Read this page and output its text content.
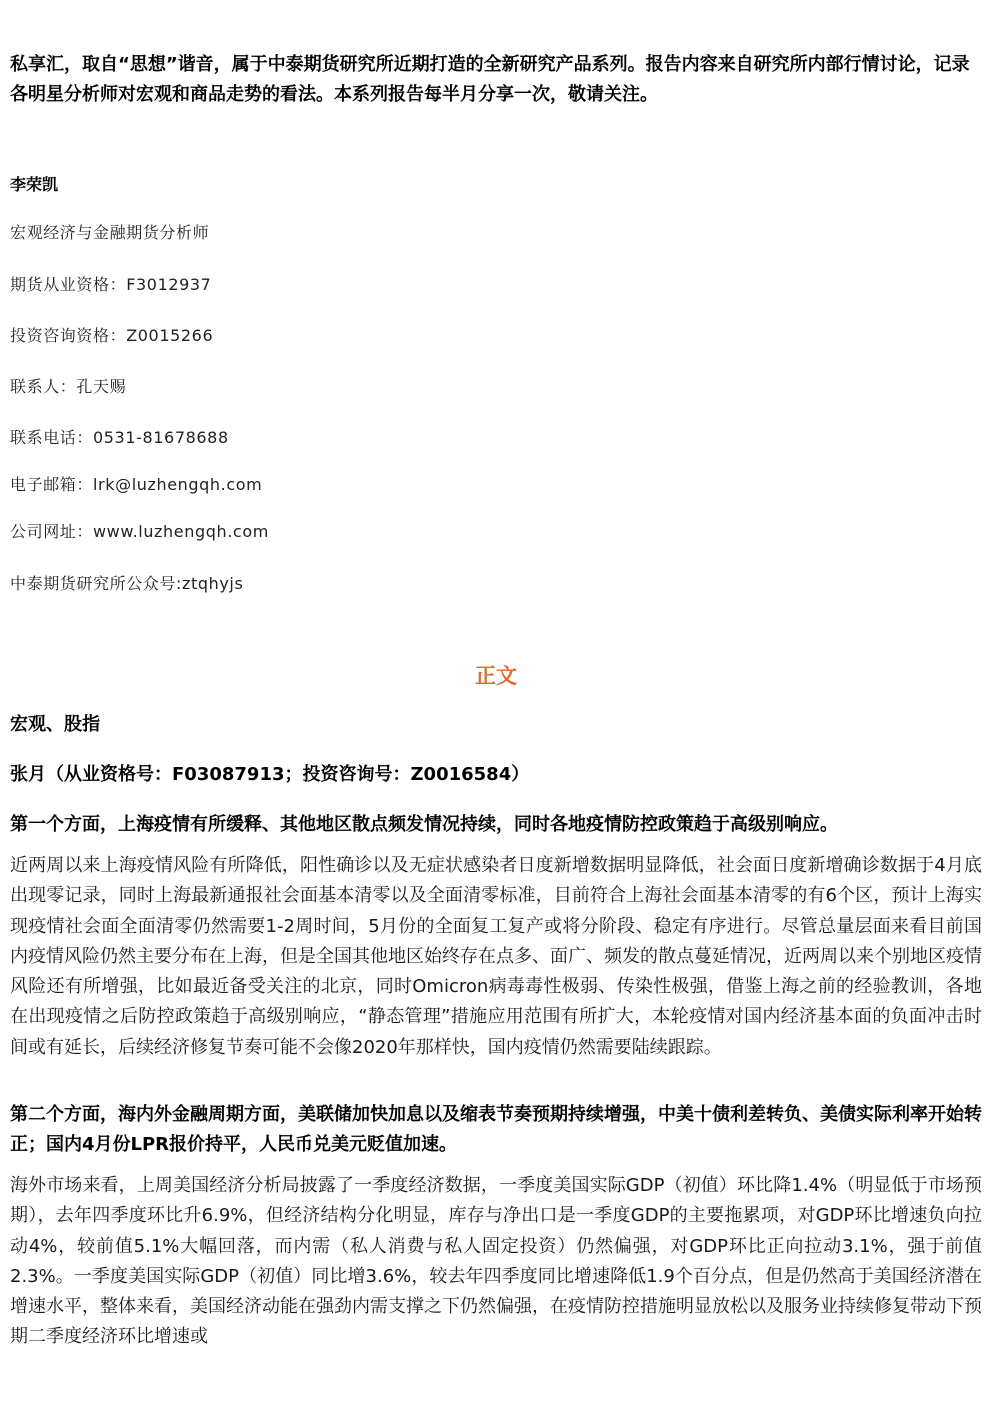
私享汇，取自“思想”谐音，属于中泰期货研究所近期打造的全新研究产品系列。报告内容来自研究所内部行情讨论，记录各明星分析师对宏观和商品走势的看法。本系列报告每半月分享一次，敬请关注。
李荣凯
宏观经济与金融期货分析师
期货从业资格：F3012937
投资咨询资格：Z0015266
联系人：孔天赐
联系电话：0531-81678688
电子邮箱：lrk@luzhengqh.com
公司网址：www.luzhengqh.com
中泰期货研究所公众号:ztqhyjs
正文
宏观、股指
张月（从业资格号：F03087913；投资咨询号：Z0016584）
第一个方面，上海疫情有所缓释、其他地区散点频发情况持续，同时各地疫情防控政策趋于高级别响应。
近两周以来上海疫情风险有所降低，阳性确诊以及无症状感染者日度新增数据明显降低，社会面日度新增确诊数据于4月底出现零记录，同时上海最新通报社会面基本清零以及全面清零标准，目前符合上海社会面基本清零的有6个区，预计上海实现疫情社会面全面清零仍然需要1-2周时间，5月份的全面复工复产或将分阶段、稳定有序进行。尽管总量层面来看目前国内疫情风险仍然主要分布在上海，但是全国其他地区始终存在点多、面广、频发的散点蔓延情况，近两周以来个别地区疫情风险还有所增强，比如最近备受关注的北京，同时Omicron病毒毒性极弱、传染性极强，借鉴上海之前的经验教训，各地在出现疫情之后防控政策趋于高级别响应，“静态管理”措施应用范围有所扩大，本轮疫情对国内经济基本面的负面冲击时间或有延长，后续经济修复节奏可能不会像2020年那样快，国内疫情仍然需要陆续跟踪。
第二个方面，海内外金融周期方面，美联储加快加息以及缩表节奏预期持续增强，中美十债利差转负、美债实际利率开始转正；国内4月份LPR报价持平，人民币兑美元贬值加速。
海外市场来看，上周美国经济分析局披露了一季度经济数据，一季度美国实际GDP（初值）环比降1.4%（明显低于市场预期），去年四季度环比升6.9%，但经济结构分化明显，库存与净出口是一季度GDP的主要拖累项，对GDP环比增速负向拉动4%，较前值5.1%大幅回落，而内需（私人消费与私人固定投资）仍然偏强，对GDP环比正向拉动3.1%，强于前值2.3%。一季度美国实际GDP（初值）同比增3.6%，较去年四季度同比增速降低1.9个百分点，但是仍然高于美国经济潜在增速水平，整体来看，美国经济动能在强劲内需支撑之下仍然偏强，在疫情防控措施明显放松以及服务业持续修复带动下预期二季度经济环比增速或
